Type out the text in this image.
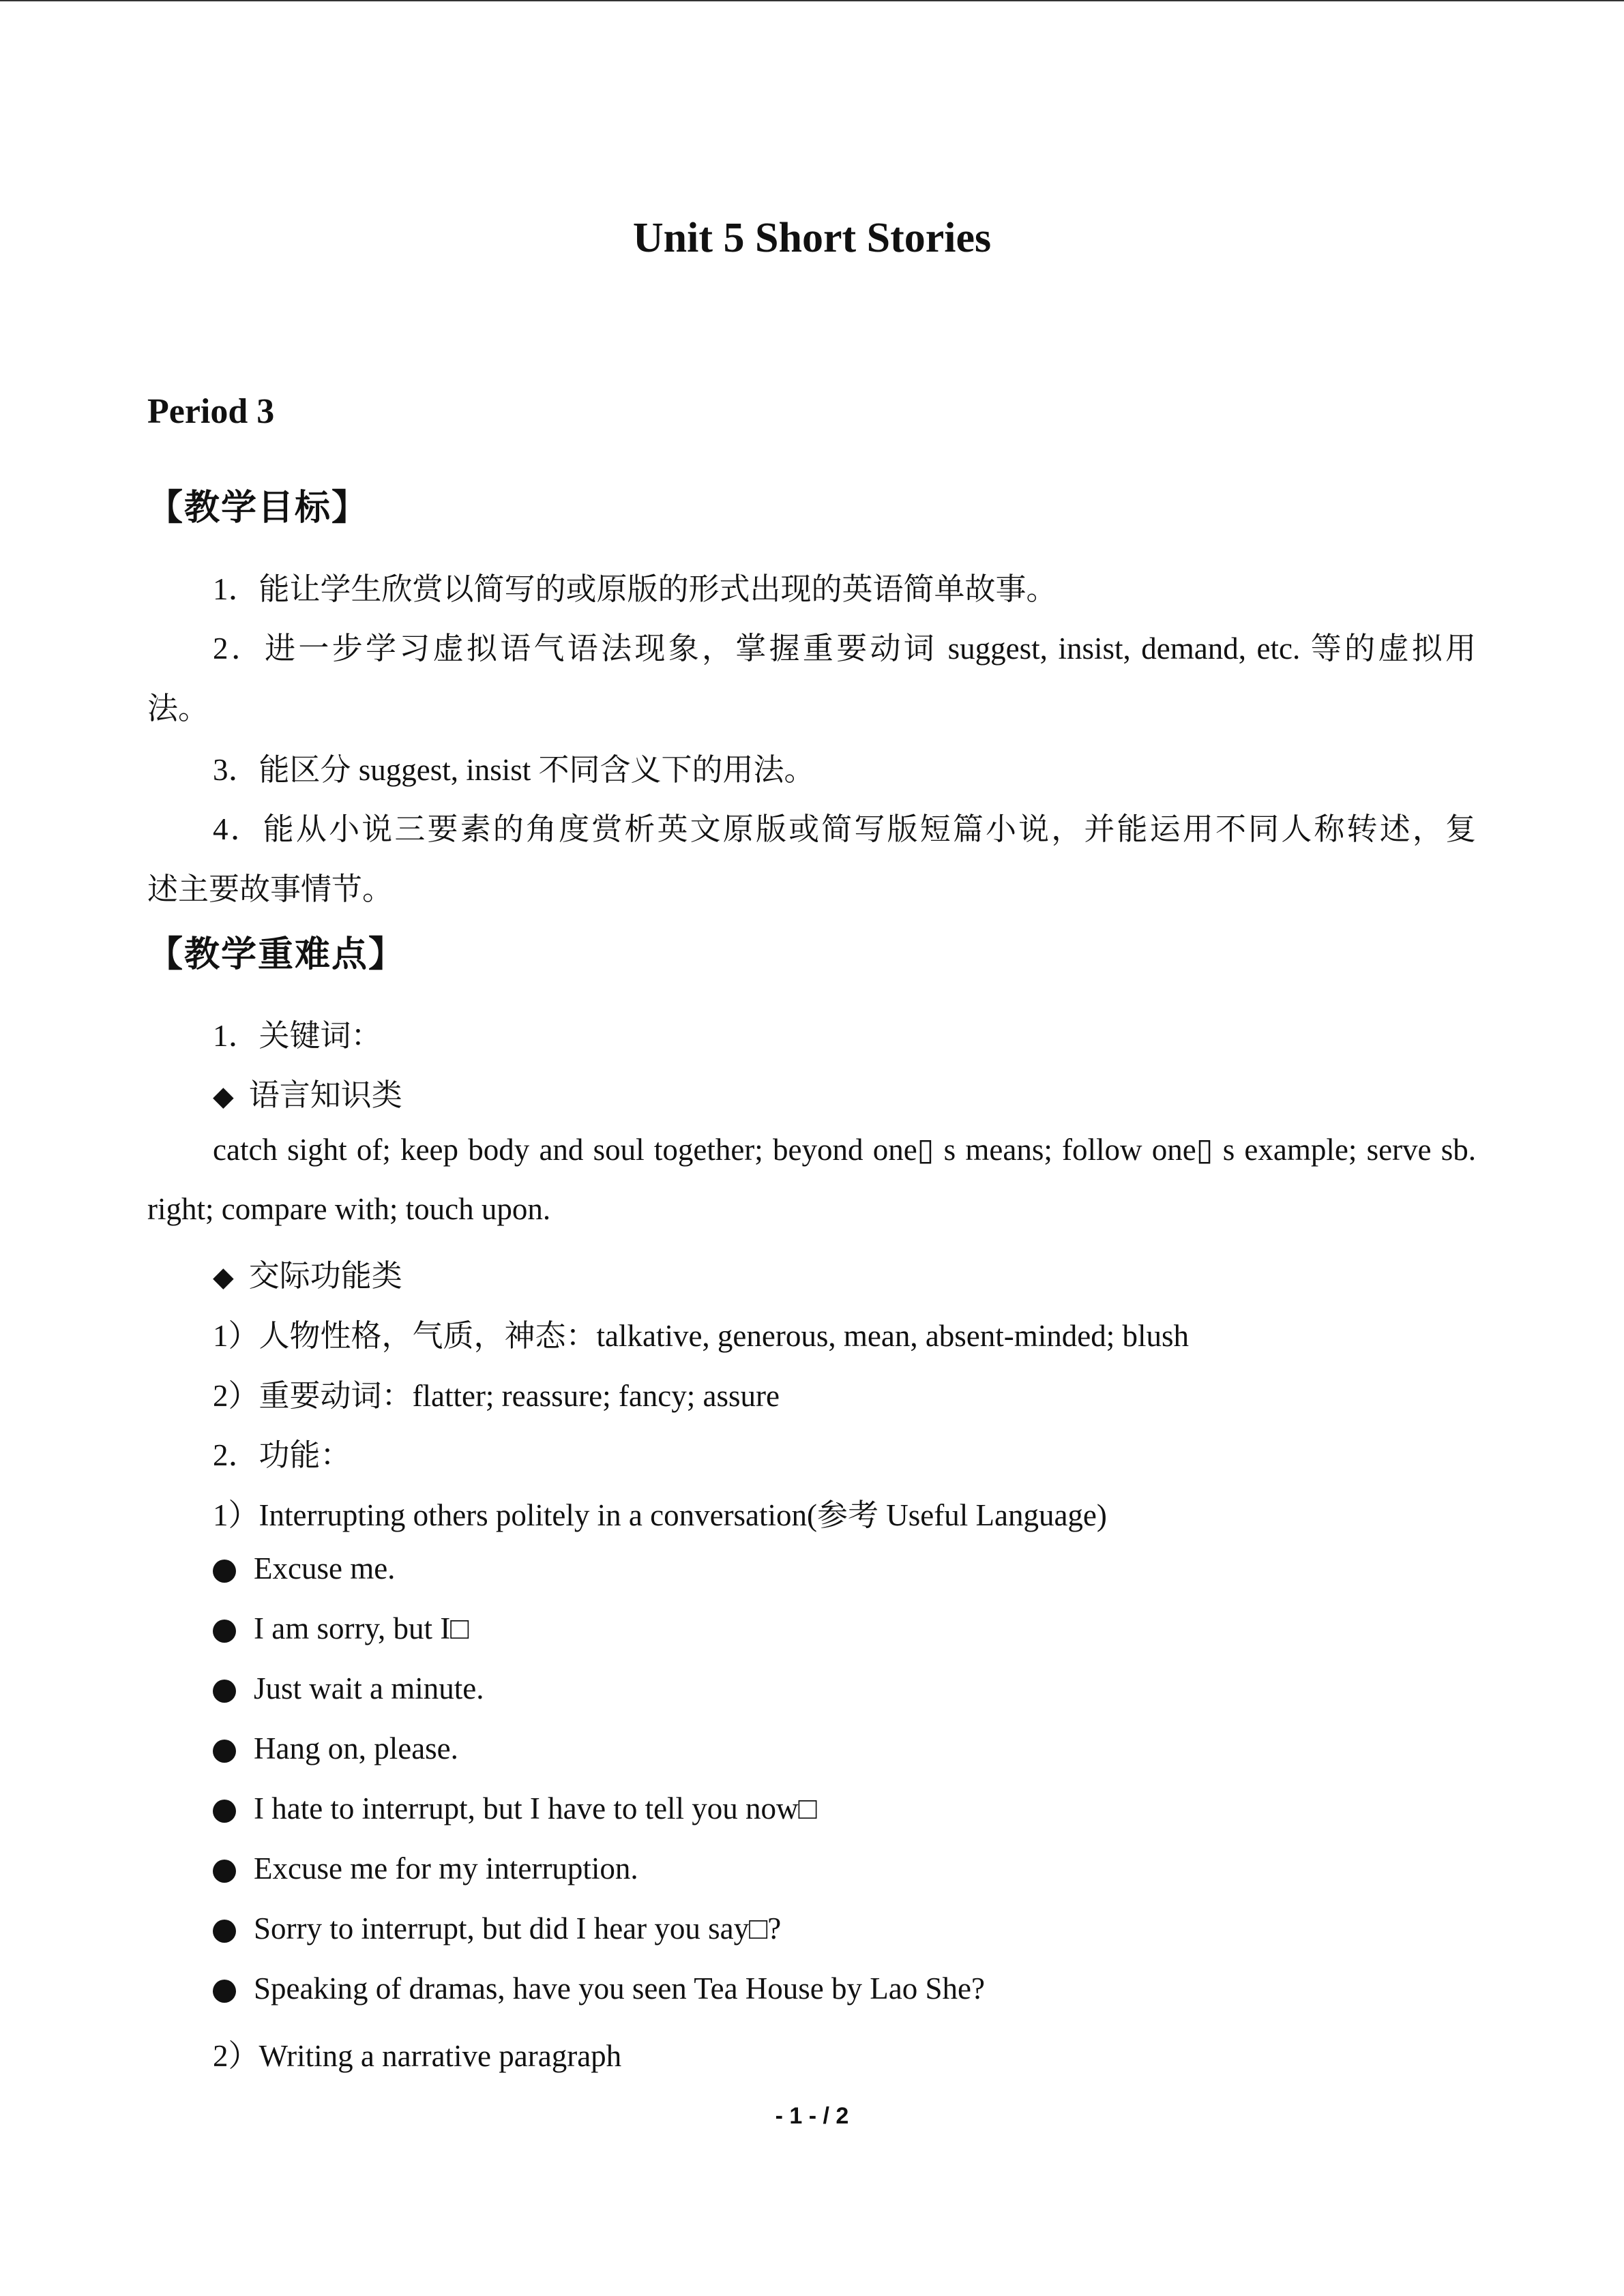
Unit 5 Short Stories
Period 3
【教学目标】
1．能让学生欣赏以简写的或原版的形式出现的英语简单故事。
2．进一步学习虚拟语气语法现象，掌握重要动词 suggest, insist, demand, etc. 等的虚拟用
法。
3．能区分 suggest, insist 不同含义下的用法。
4．能从小说三要素的角度赏析英文原版或简写版短篇小说，并能运用不同人称转述，复
述主要故事情节。
【教学重难点】
1．关键词：
◆ 语言知识类
catch sight of; keep body and soul together; beyond one▯ s means; follow one▯ s example; serve sb.
right; compare with; touch upon.
◆ 交际功能类
1）人物性格，气质，神态：talkative, generous, mean, absent-minded; blush
2）重要动词：flatter; reassure; fancy; assure
2．功能：
1）Interrupting others politely in a conversation(参考 Useful Language)
Excuse me.
I am sorry, but I□
Just wait a minute.
Hang on, please.
I hate to interrupt, but I have to tell you now□
Excuse me for my interruption.
Sorry to interrupt, but did I hear you say□?
Speaking of dramas, have you seen Tea House by Lao She?
2）Writing a narrative paragraph
- 1 - / 2
